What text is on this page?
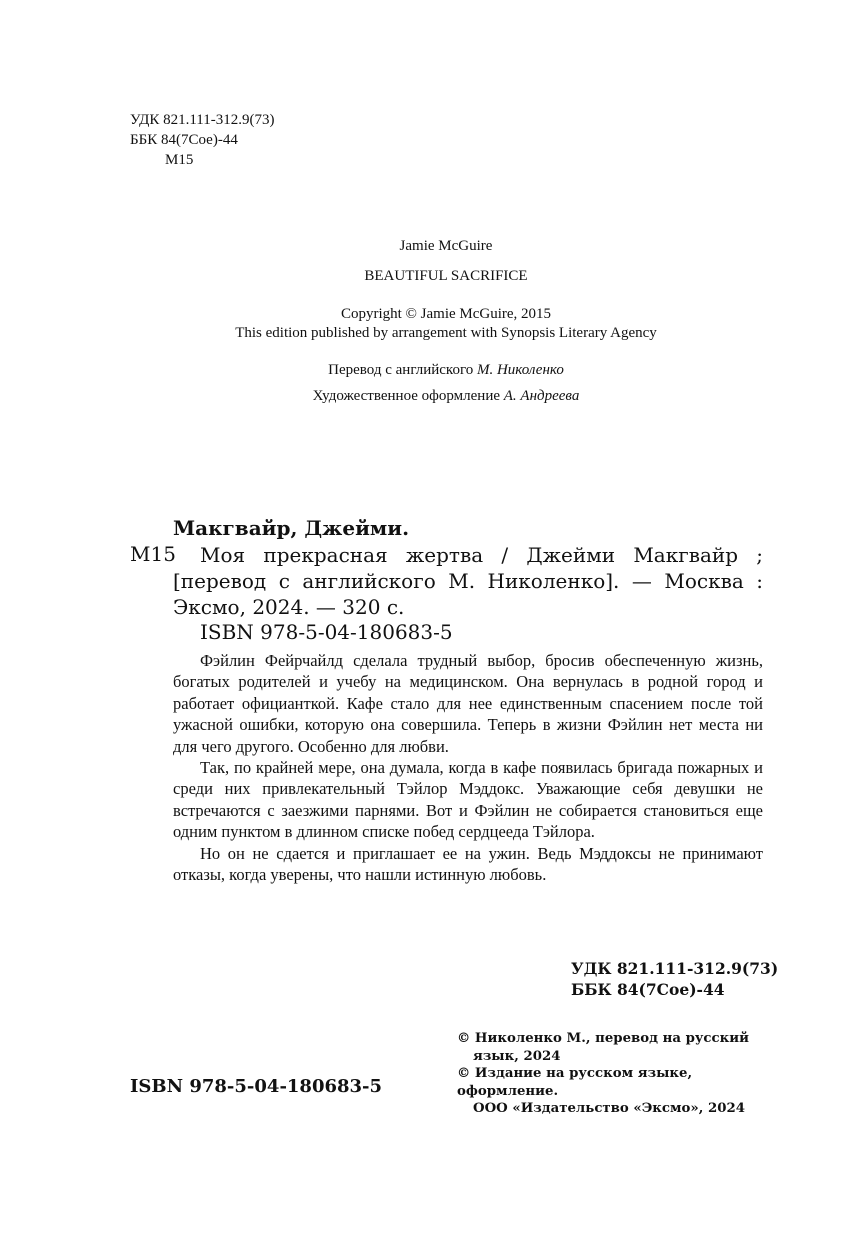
УДК 821.111-312.9(73)
ББК 84(7Сое)-44
М15
Jamie McGuire
BEAUTIFUL SACRIFICE
Copyright © Jamie McGuire, 2015
This edition published by arrangement with Synopsis Literary Agency
Перевод с английского М. Николенко
Художественное оформление А. Андреева
Макгвайр, Джейми.
М15	Моя прекрасная жертва / Джейми Макгвайр ; [перевод с английского М. Николенко]. — Москва : Эксмо, 2024. — 320 с.
ISBN 978-5-04-180683-5

Фэйлин Фейрчайлд сделала трудный выбор, бросив обеспеченную жизнь, богатых родителей и учебу на медицинском. Она вернулась в родной город и работает официанткой. Кафе стало для нее единственным спасением после той ужасной ошибки, которую она совершила. Теперь в жизни Фэйлин нет места ни для чего другого. Особенно для любви.

Так, по крайней мере, она думала, когда в кафе появилась бригада пожарных и среди них привлекательный Тэйлор Мэддокс. Уважающие себя девушки не встречаются с заезжими парнями. Вот и Фэйлин не собирается становиться еще одним пунктом в длинном списке побед сердцееда Тэйлора.

Но он не сдается и приглашает ее на ужин. Ведь Мэддоксы не принимают отказы, когда уверены, что нашли истинную любовь.

УДК 821.111-312.9(73)
ББК 84(7Сое)-44
© Николенко М., перевод на русский
язык, 2024
© Издание на русском языке, оформление.
ООО «Издательство «Эксмо», 2024
ISBN 978-5-04-180683-5
